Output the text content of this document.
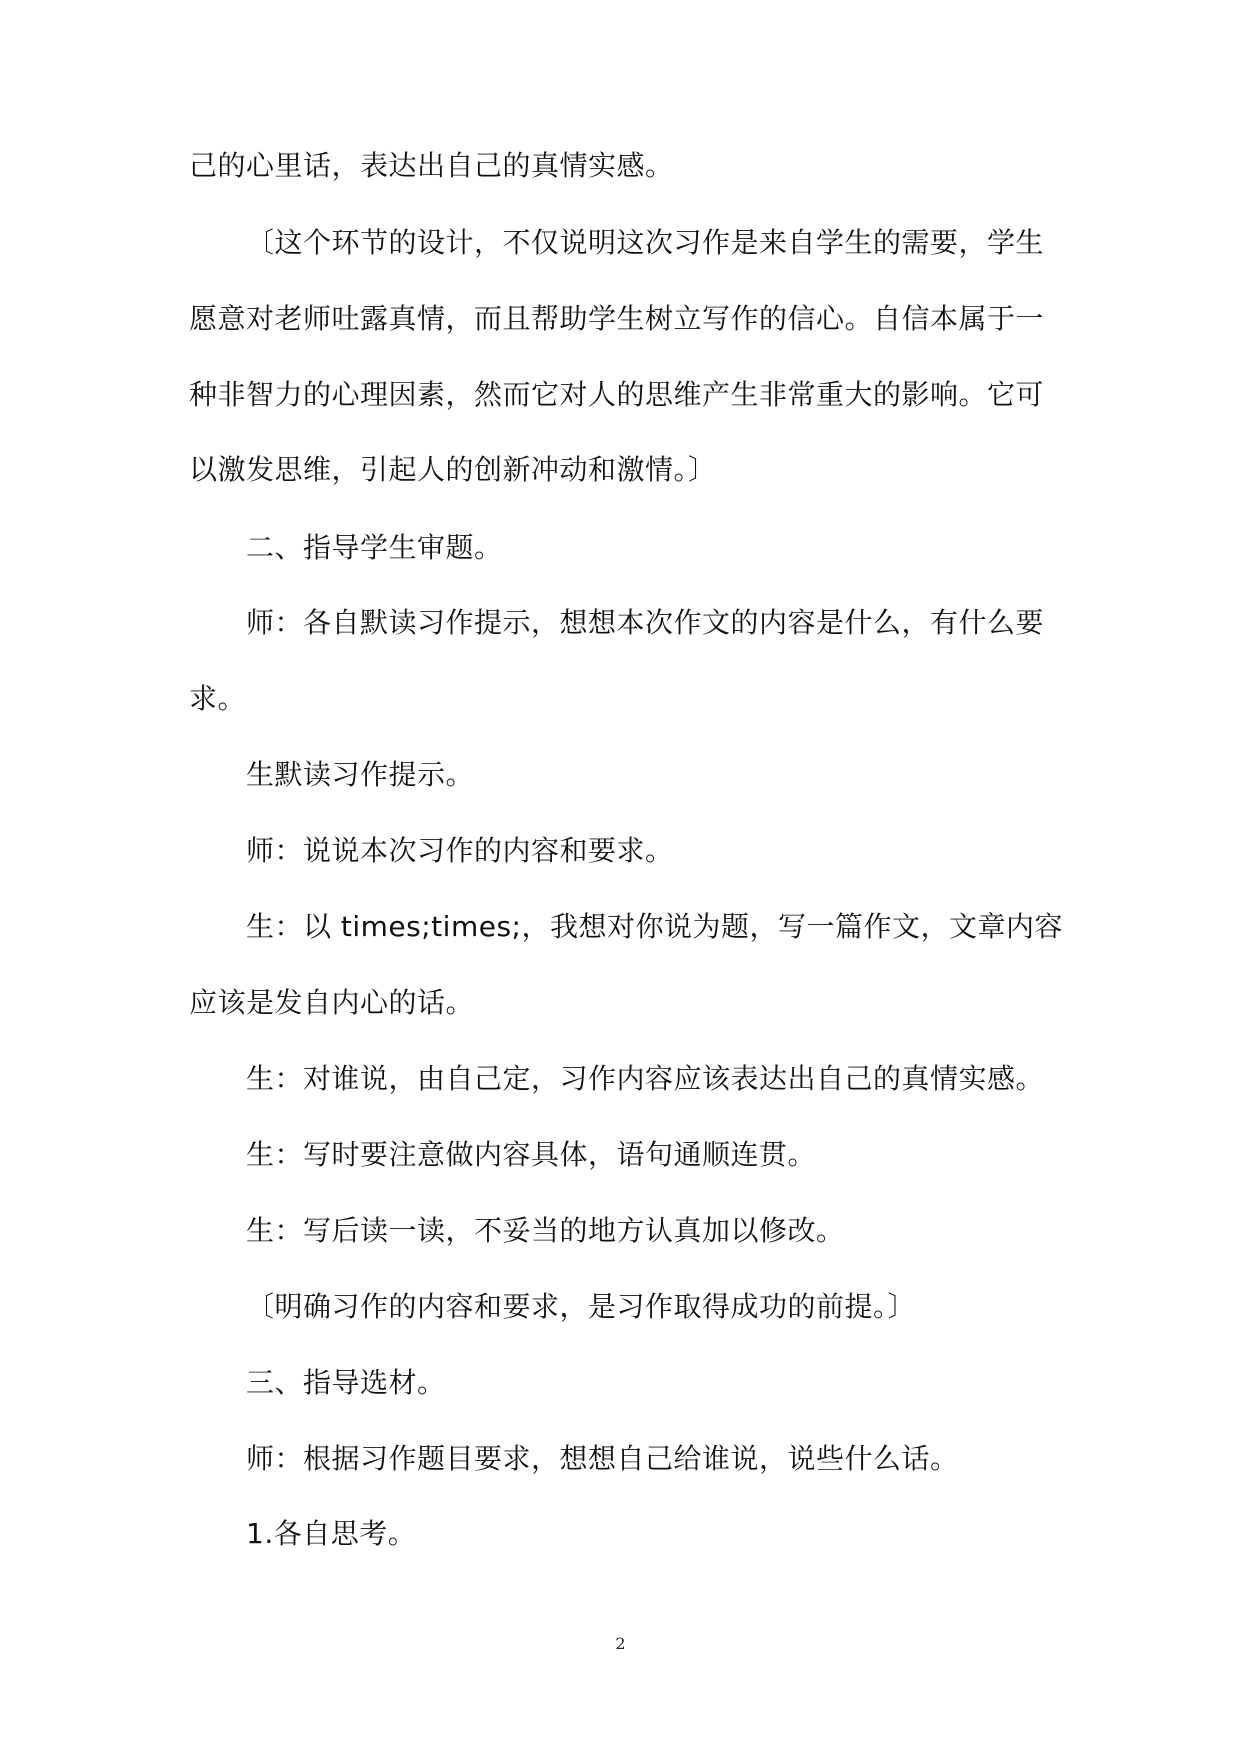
己的心里话，表达出自己的真情实感。
〔这个环节的设计，不仅说明这次习作是来自学生的需要，学生
愿意对老师吐露真情，而且帮助学生树立写作的信心。自信本属于一
种非智力的心理因素，然而它对人的思维产生非常重大的影响。它可
以激发思维，引起人的创新冲动和激情。〕
二、指导学生审题。
师：各自默读习作提示，想想本次作文的内容是什么，有什么要
求。
生默读习作提示。
师：说说本次习作的内容和要求。
生：以 times;times;，我想对你说为题，写一篇作文，文章内容
应该是发自内心的话。
生：对谁说，由自己定，习作内容应该表达出自己的真情实感。
生：写时要注意做内容具体，语句通顺连贯。
生：写后读一读，不妥当的地方认真加以修改。
〔明确习作的内容和要求，是习作取得成功的前提。〕
三、指导选材。
师：根据习作题目要求，想想自己给谁说，说些什么话。
1.各自思考。
2
